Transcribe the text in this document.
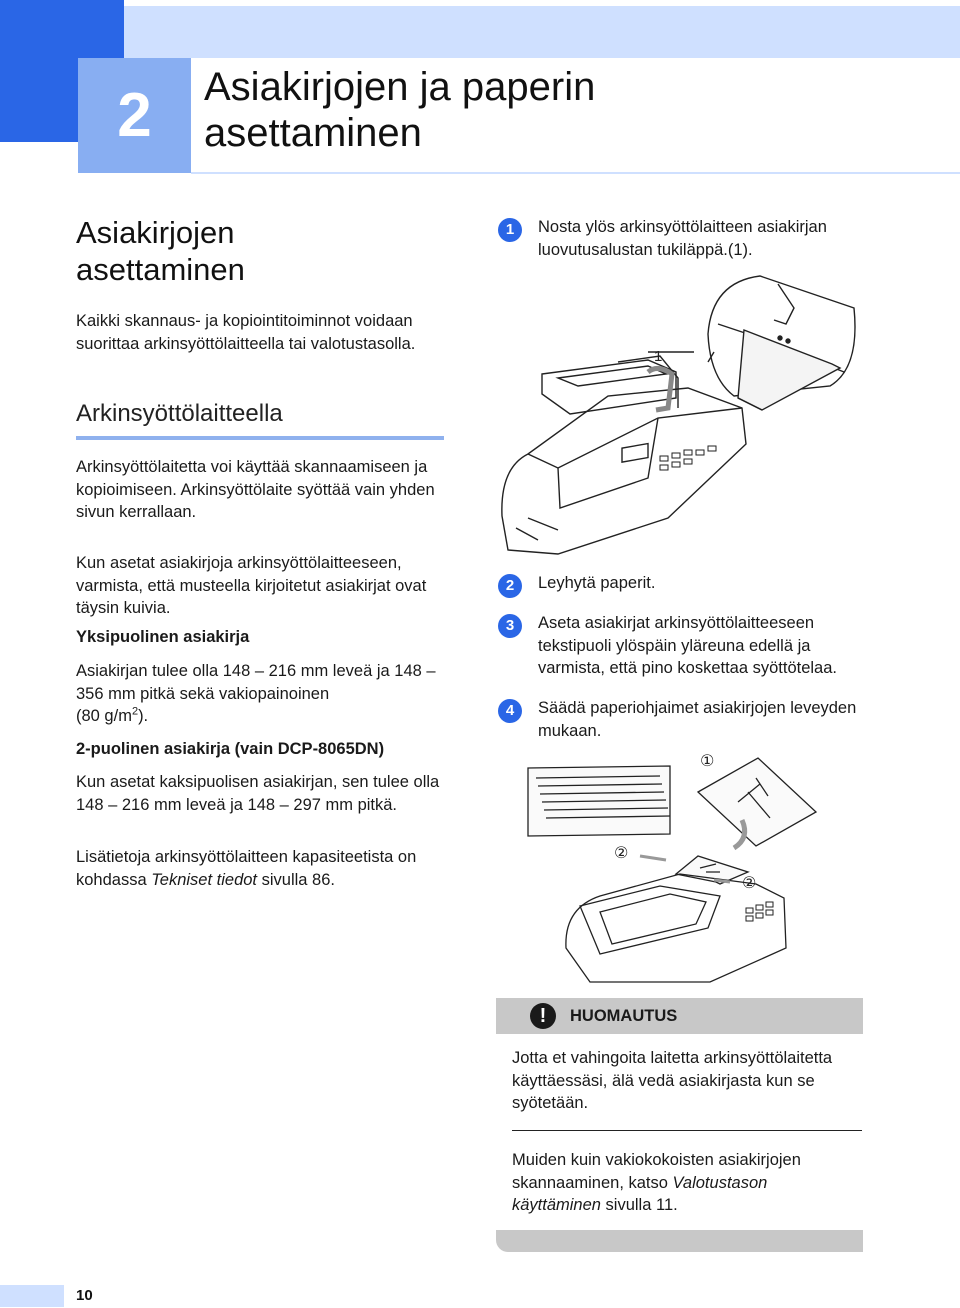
2	Asiakirjojen ja paperin
asettaminen
Asiakirjojen
asettaminen
Kaikki skannaus- ja kopiointitoiminnot voidaan suorittaa arkinsyöttölaitteella tai valotustasolla.
Arkinsyöttölaitteella
Arkinsyöttölaitetta voi käyttää skannaamiseen ja kopioimiseen. Arkinsyöttölaite syöttää vain yhden sivun kerrallaan.
Kun asetat asiakirjoja arkinsyöttölaitteeseen, varmista, että musteella kirjoitetut asiakirjat ovat täysin kuivia.
Yksipuolinen asiakirja
Asiakirjan tulee olla 148 – 216 mm leveä ja 148 – 356 mm pitkä sekä vakiopainoinen
(80 $g/m^2$).
2-puolinen asiakirja (vain DCP-8065DN)
Kun asetat kaksipuolisen asiakirjan, sen tulee olla 148 – 216 mm leveä ja 148 – 297 mm pitkä.
Lisätietoja arkinsyöttölaitteen kapasiteetista on kohdassa Tekniset tiedot sivulla 86.
1	Nosta ylös arkinsyöttölaitteen asiakirjan luovutusalustan tukiläppä.(1).
1
2	Leyhytä paperit.
3	Aseta asiakirjat arkinsyöttölaitteeseen tekstipuoli ylöspäin yläreuna edellä ja varmista, että pino koskettaa syöttötelaa.
4	Säädä paperiohjaimet asiakirjojen leveyden mukaan.
①
②
②
!	HUOMAUTUS
Jotta et vahingoita laitetta arkinsyöttölaitetta käyttäessäsi, älä vedä asiakirjasta kun se syötetään.
Muiden kuin vakiokokoisten asiakirjojen skannaaminen, katso Valotustason käyttäminen sivulla 11.
10
